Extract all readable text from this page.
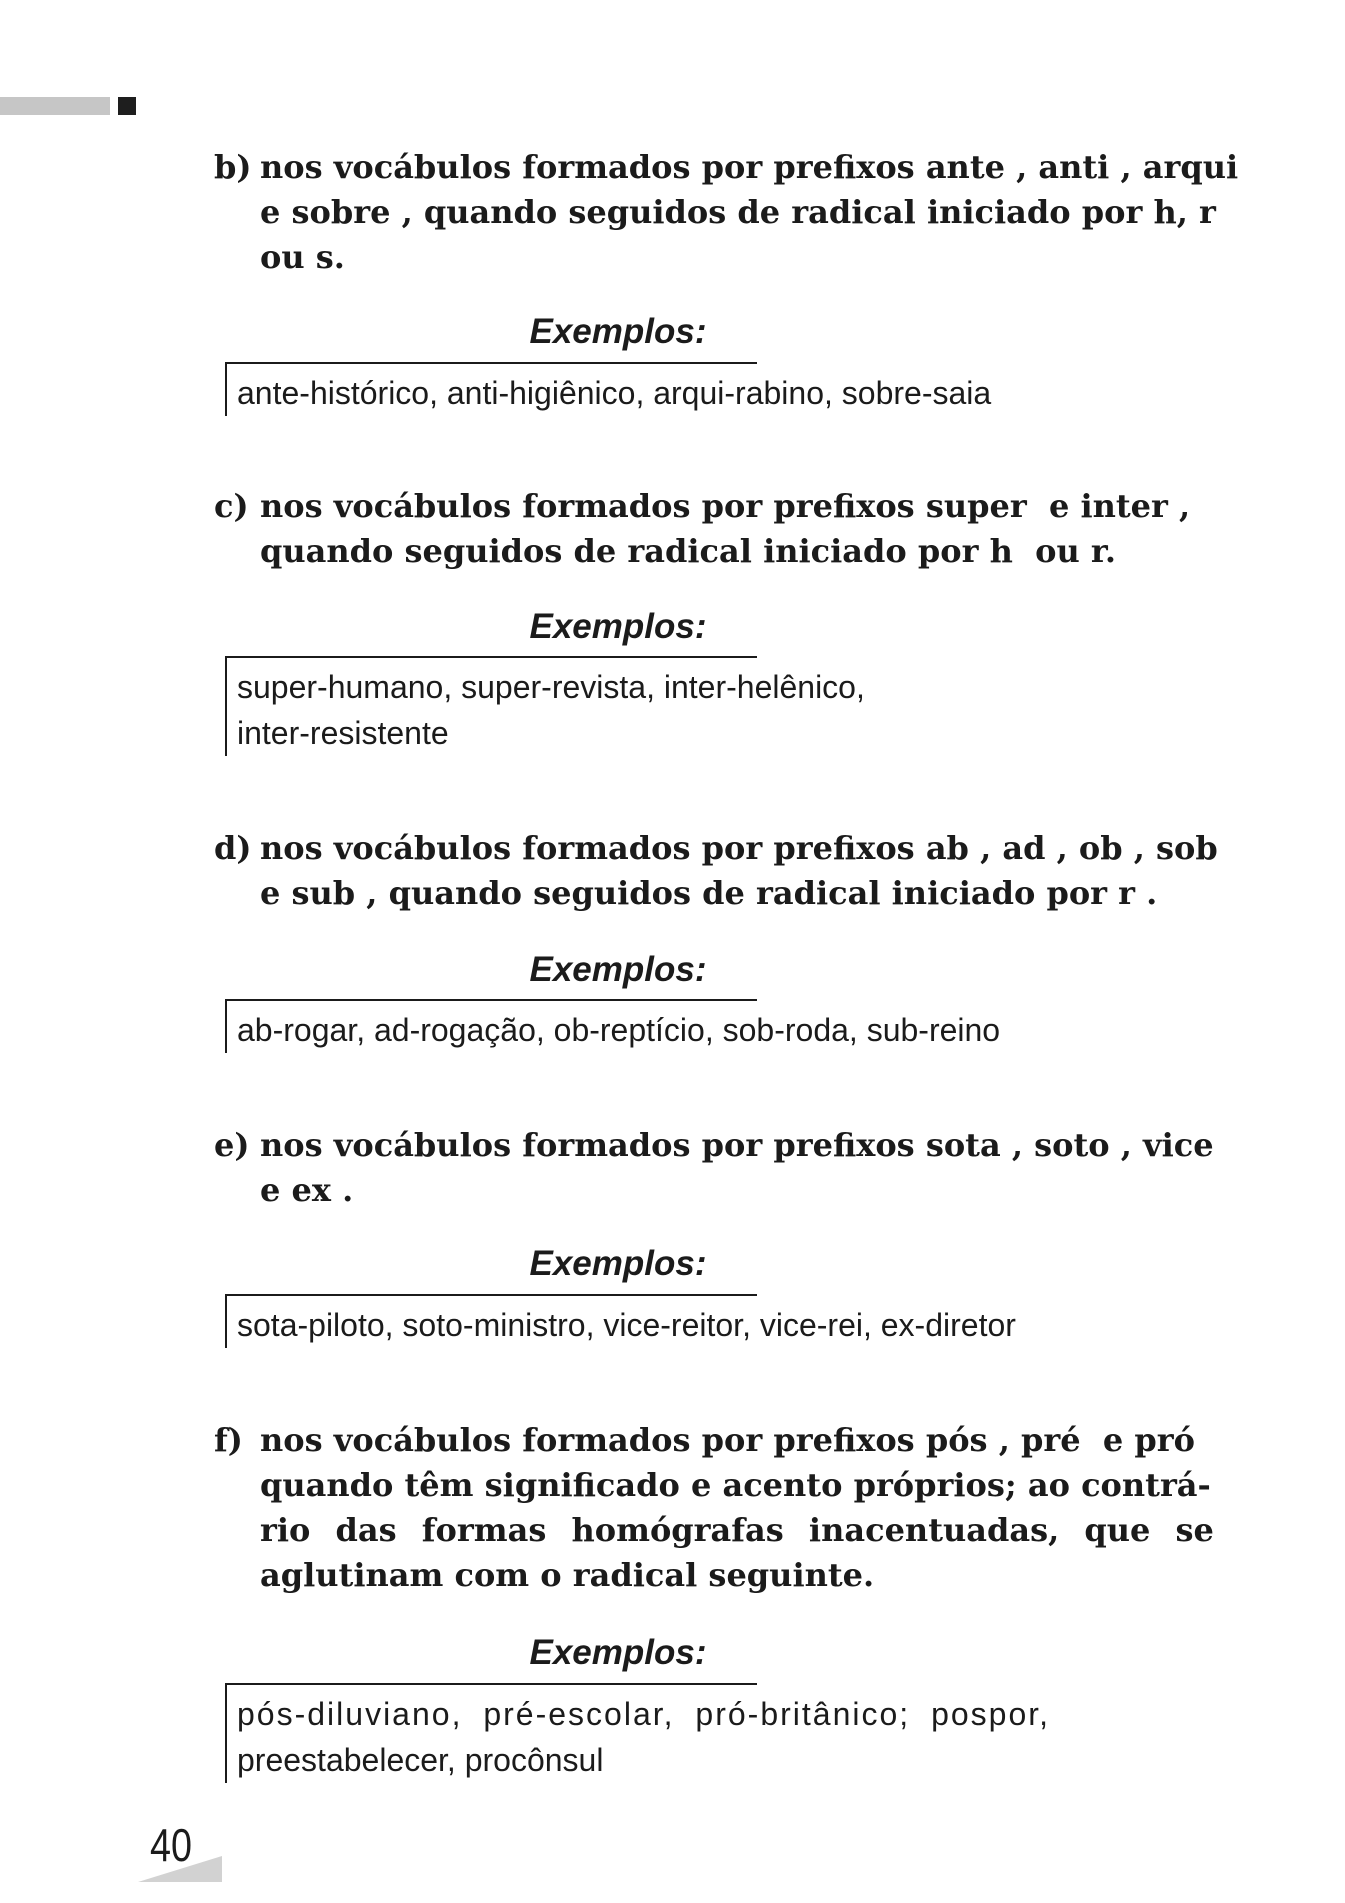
b) nos vocábulos formados por prefixos ante , anti , arqui
e sobre , quando seguidos de radical iniciado por h, r
ou s.
Exemplos:
ante-histórico, anti-higiênico, arqui-rabino, sobre-saia
c) nos vocábulos formados por prefixos super  e inter ,
quando seguidos de radical iniciado por h  ou r.
Exemplos:
super-humano, super-revista, inter-helênico,
inter-resistente
d) nos vocábulos formados por prefixos ab , ad , ob , sob
e sub , quando seguidos de radical iniciado por r .
Exemplos:
ab-rogar, ad-rogação, ob-reptício, sob-roda, sub-reino
e) nos vocábulos formados por prefixos sota , soto , vice
e ex .
Exemplos:
sota-piloto, soto-ministro, vice-reitor, vice-rei, ex-diretor
f) nos vocábulos formados por prefixos pós , pré  e pró
quando têm significado e acento próprios; ao contrá-
rio das formas homógrafas inacentuadas, que se
aglutinam com o radical seguinte.
Exemplos:
pós-diluviano, pré-escolar, pró-britânico; pospor,
preestabelecer, procônsul
40
